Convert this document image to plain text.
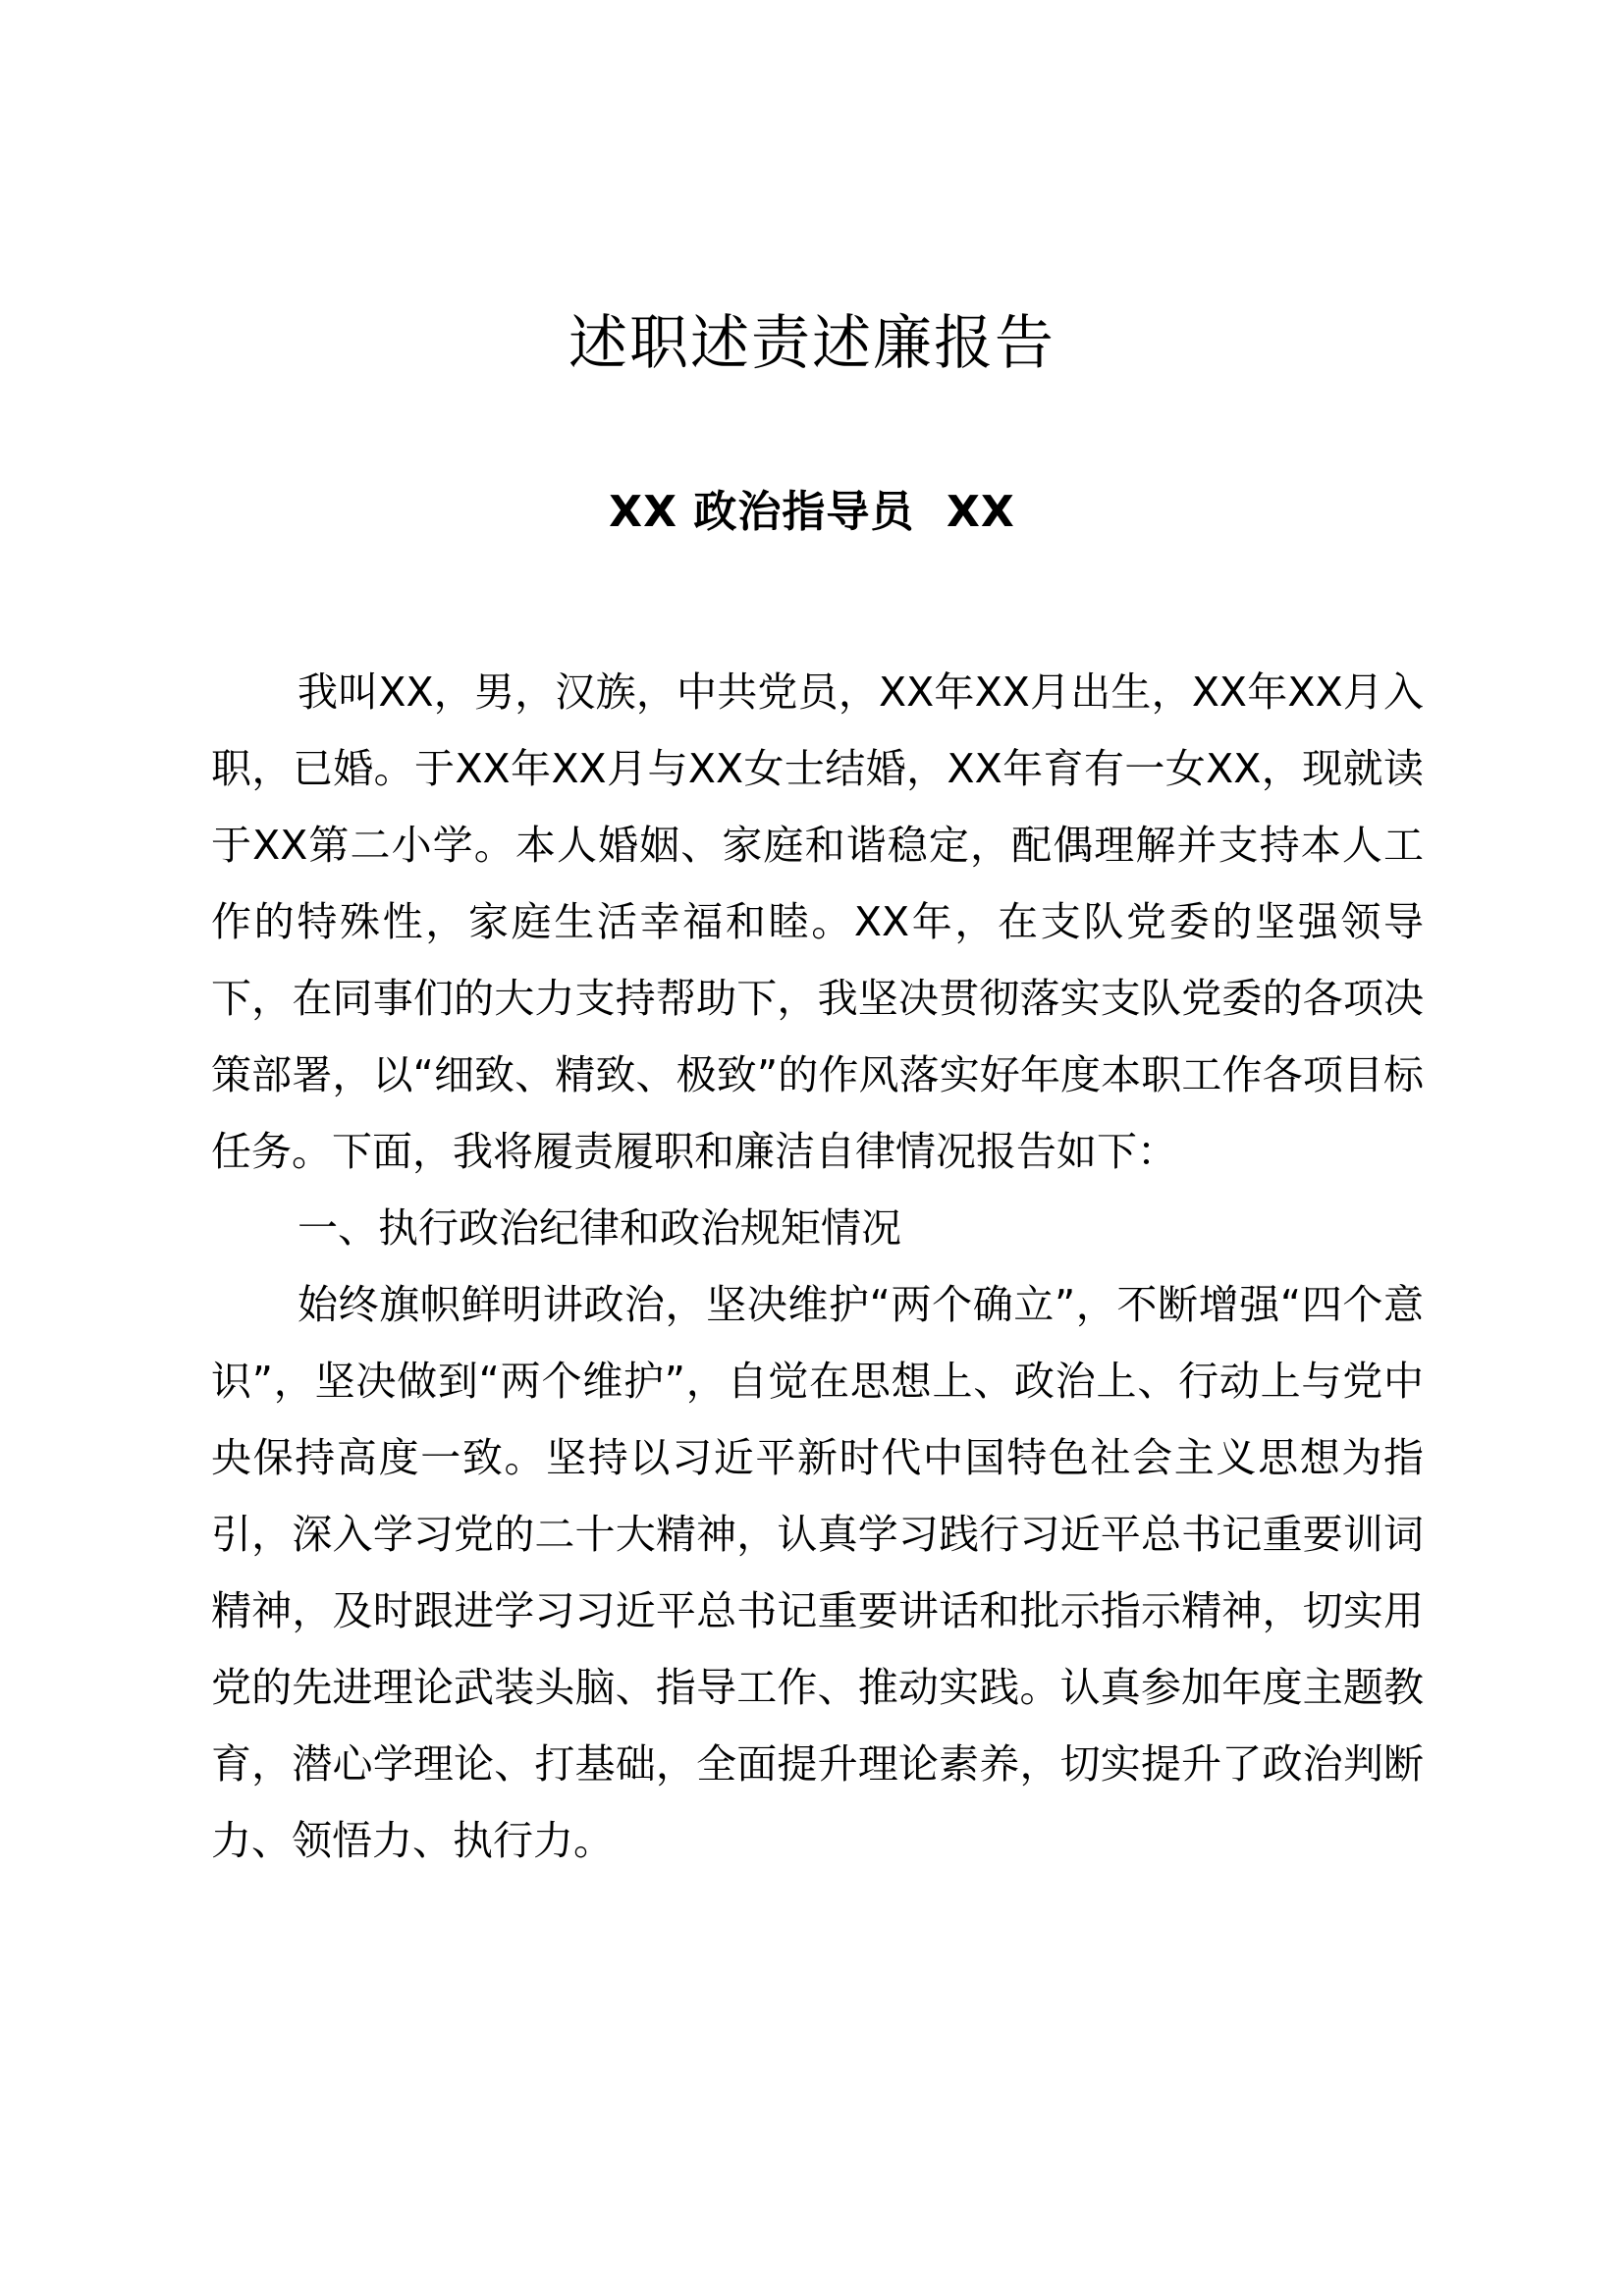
述职述责述廉报告
XX 政治指导员  XX

我叫XX，男，汉族，中共党员，XX年XX月出生，XX年XX月入职，已婚。于XX年XX月与XX女士结婚，XX年育有一女XX，现就读于XX第二小学。本人婚姻、家庭和谐稳定，配偶理解并支持本人工作的特殊性，家庭生活幸福和睦。XX年，在支队党委的坚强领导下，在同事们的大力支持帮助下，我坚决贯彻落实支队党委的各项决策部署，以“细致、精致、极致”的作风落实好年度本职工作各项目标任务。下面，我将履责履职和廉洁自律情况报告如下：

一、执行政治纪律和政治规矩情况

始终旗帜鲜明讲政治，坚决维护“两个确立”，不断增强“四个意识”，坚决做到“两个维护”，自觉在思想上、政治上、行动上与党中央保持高度一致。坚持以习近平新时代中国特色社会主义思想为指引，深入学习党的二十大精神，认真学习践行习近平总书记重要训词精神，及时跟进学习习近平总书记重要讲话和批示指示精神，切实用党的先进理论武装头脑、指导工作、推动实践。认真参加年度主题教育，潜心学理论、打基础，全面提升理论素养，切实提升了政治判断力、领悟力、执行力。
